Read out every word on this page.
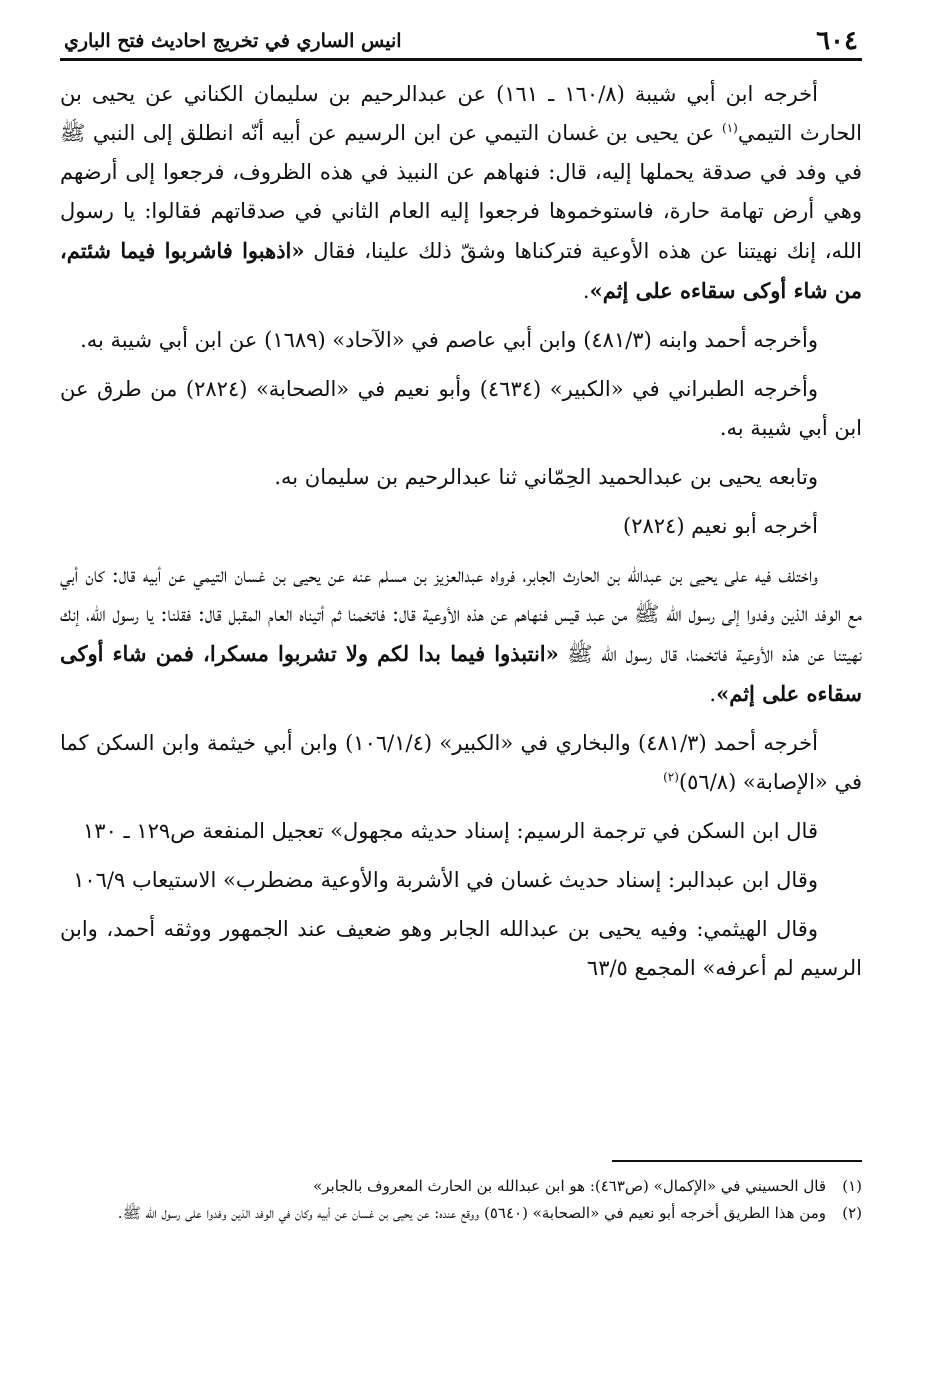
٦٠٤
انيس الساري في تخريج احاديث فتح الباري

أخرجه ابن أبي شيبة (١٦٠/٨ ـ ١٦١) عن عبدالرحيم بن سليمان الكناني عن يحيى بن الحارث التيمي$^{(١)}$ عن يحيى بن غسان التيمي عن ابن الرسيم عن أبيه أنّه انطلق إلى النبي ﷺ في وفد في صدقة يحملها إليه، قال: فنهاهم عن النبيذ في هذه الظروف، فرجعوا إلى أرضهم وهي أرض تهامة حارة، فاستوخموها فرجعوا إليه العام الثاني في صدقاتهم فقالوا: يا رسول الله، إنك نهيتنا عن هذه الأوعية فتركناها وشقّ ذلك علينا، فقال «اذهبوا فاشربوا فيما شئتم، من شاء أوكى سقاءه على إثم».

وأخرجه أحمد وابنه (٤٨١/٣) وابن أبي عاصم في «الآحاد» (١٦٨٩) عن ابن أبي شيبة به.

وأخرجه الطبراني في «الكبير» (٤٦٣٤) وأبو نعيم في «الصحابة» (٢٨٢٤) من طرق عن ابن أبي شيبة به.

وتابعه يحيى بن عبدالحميد الحِمّاني ثنا عبدالرحيم بن سليمان به.

أخرجه أبو نعيم (٢٨٢٤)

واختلف فيه على يحيى بن عبدالله بن الحارث الجابر، فرواه عبدالعزيز بن مسلم عنه عن يحيى بن غسان التيمي عن أبيه قال: كان أبي مع الوفد الذين وفدوا إلى رسول الله ﷺ من عبد قيس فنهاهم عن هذه الأوعية قال: فاتخمنا ثم أتيناه العام المقبل قال: فقلنا: يا رسول الله، إنك نهيتنا عن هذه الأوعية فاتخمنا، قال رسول الله ﷺ «انتبذوا فيما بدا لكم ولا تشربوا مسكرا، فمن شاء أوكى سقاءه على إثم».

أخرجه أحمد (٤٨١/٣) والبخاري في «الكبير» (١٠٦/١/٤) وابن أبي خيثمة وابن السكن كما في «الإصابة» (٥٦/٨)$^{(٢)}$

قال ابن السكن في ترجمة الرسيم: إسناد حديثه مجهول» تعجيل المنفعة ص١٢٩ ـ ١٣٠

وقال ابن عبدالبر: إسناد حديث غسان في الأشربة والأوعية مضطرب» الاستيعاب ١٠٦/٩

وقال الهيثمي: وفيه يحيى بن عبدالله الجابر وهو ضعيف عند الجمهور ووثقه أحمد، وابن الرسيم لم أعرفه» المجمع ٦٣/٥

(١)
قال الحسيني في «الإكمال» (ص٤٦٣): هو ابن عبدالله بن الحارث المعروف بالجابر»
(٢)
ومن هذا الطريق أخرجه أبو نعيم في «الصحابة» (٥٦٤٠) ووقع عنده: عن يحيى بن غسان عن أبيه وكان في الوفد الذين وفدوا على رسول الله ﷺ.
